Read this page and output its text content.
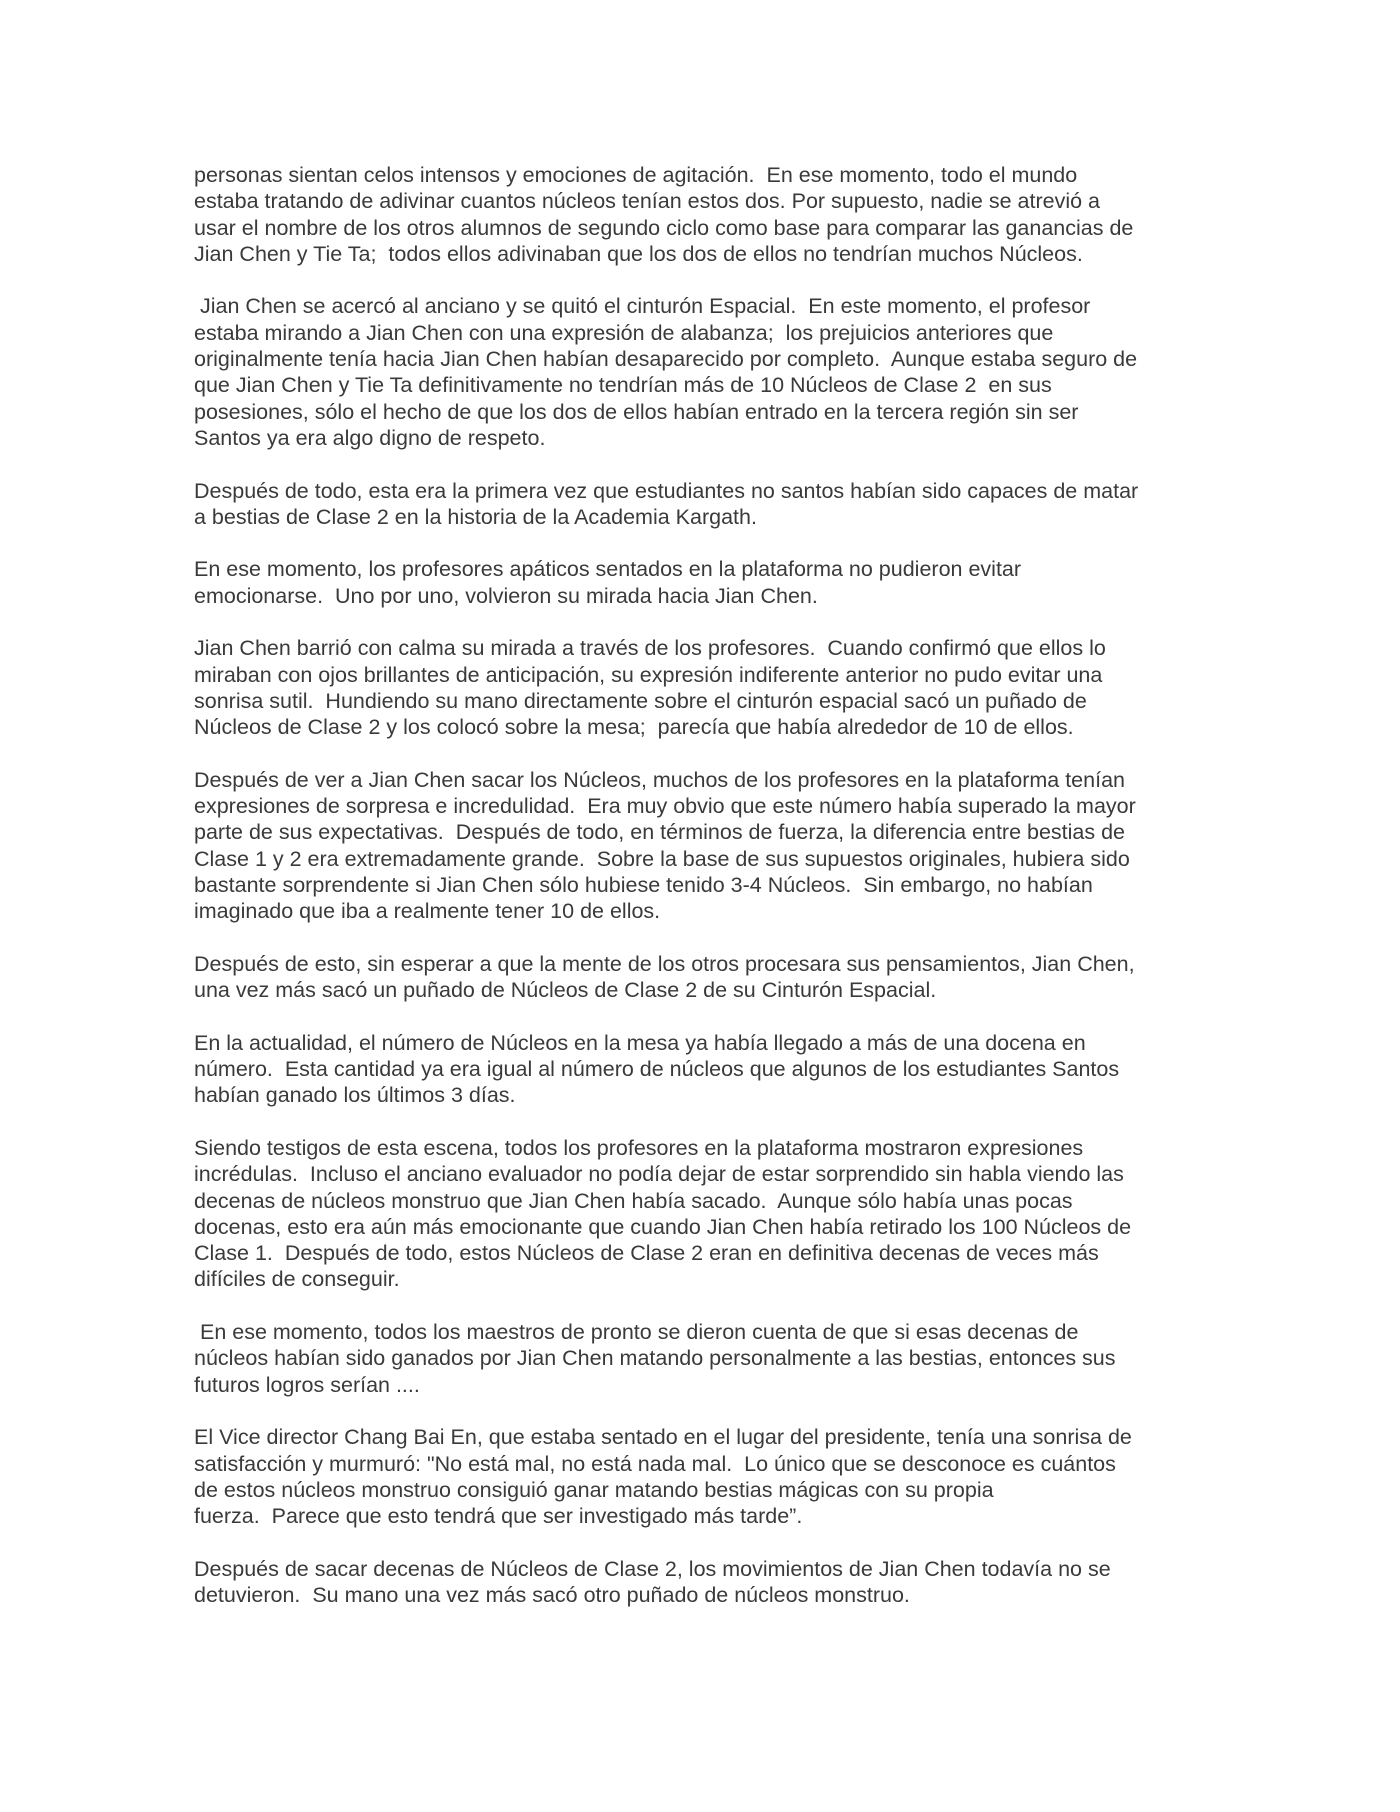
personas sientan celos intensos y emociones de agitación.  En ese momento, todo el mundo
estaba tratando de adivinar cuantos núcleos tenían estos dos. Por supuesto, nadie se atrevió a
usar el nombre de los otros alumnos de segundo ciclo como base para comparar las ganancias de
Jian Chen y Tie Ta;  todos ellos adivinaban que los dos de ellos no tendrían muchos Núcleos.

Jian Chen se acercó al anciano y se quitó el cinturón Espacial.  En este momento, el profesor
estaba mirando a Jian Chen con una expresión de alabanza;  los prejuicios anteriores que
originalmente tenía hacia Jian Chen habían desaparecido por completo.  Aunque estaba seguro de
que Jian Chen y Tie Ta definitivamente no tendrían más de 10 Núcleos de Clase 2  en sus
posesiones, sólo el hecho de que los dos de ellos habían entrado en la tercera región sin ser
Santos ya era algo digno de respeto.

Después de todo, esta era la primera vez que estudiantes no santos habían sido capaces de matar
a bestias de Clase 2 en la historia de la Academia Kargath.

En ese momento, los profesores apáticos sentados en la plataforma no pudieron evitar
emocionarse.  Uno por uno, volvieron su mirada hacia Jian Chen.

Jian Chen barrió con calma su mirada a través de los profesores.  Cuando confirmó que ellos lo
miraban con ojos brillantes de anticipación, su expresión indiferente anterior no pudo evitar una
sonrisa sutil.  Hundiendo su mano directamente sobre el cinturón espacial sacó un puñado de
Núcleos de Clase 2 y los colocó sobre la mesa;  parecía que había alrededor de 10 de ellos.

Después de ver a Jian Chen sacar los Núcleos, muchos de los profesores en la plataforma tenían
expresiones de sorpresa e incredulidad.  Era muy obvio que este número había superado la mayor
parte de sus expectativas.  Después de todo, en términos de fuerza, la diferencia entre bestias de
Clase 1 y 2 era extremadamente grande.  Sobre la base de sus supuestos originales, hubiera sido
bastante sorprendente si Jian Chen sólo hubiese tenido 3-4 Núcleos.  Sin embargo, no habían
imaginado que iba a realmente tener 10 de ellos.

Después de esto, sin esperar a que la mente de los otros procesara sus pensamientos, Jian Chen,
una vez más sacó un puñado de Núcleos de Clase 2 de su Cinturón Espacial.

En la actualidad, el número de Núcleos en la mesa ya había llegado a más de una docena en
número.  Esta cantidad ya era igual al número de núcleos que algunos de los estudiantes Santos
habían ganado los últimos 3 días.

Siendo testigos de esta escena, todos los profesores en la plataforma mostraron expresiones
incrédulas.  Incluso el anciano evaluador no podía dejar de estar sorprendido sin habla viendo las
decenas de núcleos monstruo que Jian Chen había sacado.  Aunque sólo había unas pocas
docenas, esto era aún más emocionante que cuando Jian Chen había retirado los 100 Núcleos de
Clase 1.  Después de todo, estos Núcleos de Clase 2 eran en definitiva decenas de veces más
difíciles de conseguir.

En ese momento, todos los maestros de pronto se dieron cuenta de que si esas decenas de
núcleos habían sido ganados por Jian Chen matando personalmente a las bestias, entonces sus
futuros logros serían ....

El Vice director Chang Bai En, que estaba sentado en el lugar del presidente, tenía una sonrisa de
satisfacción y murmuró: "No está mal, no está nada mal.  Lo único que se desconoce es cuántos
de estos núcleos monstruo consiguió ganar matando bestias mágicas con su propia
fuerza.  Parece que esto tendrá que ser investigado más tarde”.

Después de sacar decenas de Núcleos de Clase 2, los movimientos de Jian Chen todavía no se
detuvieron.  Su mano una vez más sacó otro puñado de núcleos monstruo.
